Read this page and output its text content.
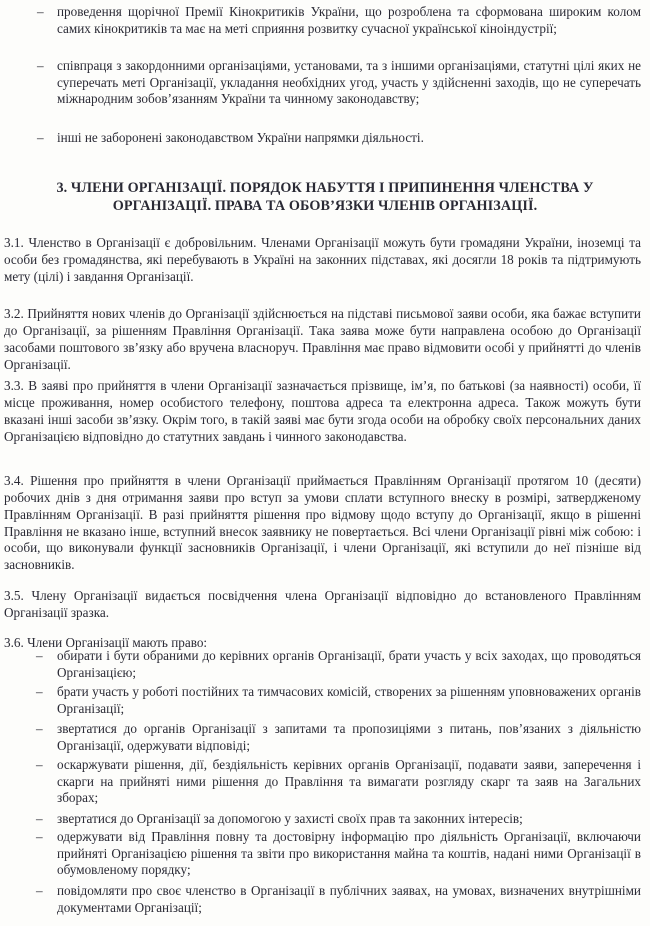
–	проведення щорічної Премії Кінокритиків України, що розроблена та сформована широким колом самих кінокритиків та має на меті сприяння розвитку сучасної української кіноіндустрії;
–	співпраця з закордонними організаціями, установами, та з іншими організаціями, статутні цілі яких не суперечать меті Організації, укладання необхідних угод, участь у здійсненні заходів, що не суперечать міжнародним зобов’язанням України та чинному законодавству;
–	інші не заборонені законодавством України напрямки діяльності.
3. ЧЛЕНИ ОРГАНІЗАЦІЇ. ПОРЯДОК НАБУТТЯ І ПРИПИНЕННЯ ЧЛЕНСТВА У ОРГАНІЗАЦІЇ. ПРАВА ТА ОБОВ’ЯЗКИ ЧЛЕНІВ ОРГАНІЗАЦІЇ.

3.1. Членство в Організації є добровільним. Членами Організації можуть бути громадяни України, іноземці та особи без громадянства, які перебувають в Україні на законних підставах, які досягли 18 років та підтримують мету (цілі) і завдання Організації.

3.2. Прийняття нових членів до Організації здійснюється на підставі письмової заяви особи, яка бажає вступити до Організації, за рішенням Правління Організації. Така заява може бути направлена особою до Організації засобами поштового зв’язку або вручена власноруч. Правління має право відмовити особі у прийнятті до членів Організації.

3.3. В заяві про прийняття в члени Організації зазначається прізвище, ім’я, по батькові (за наявності) особи, її місце проживання, номер особистого телефону, поштова адреса та електронна адреса. Також можуть бути вказані інші засоби зв’язку. Окрім того, в такій заяві має бути згода особи на обробку своїх персональних даних Організацією відповідно до статутних завдань і чинного законодавства.

3.4. Рішення про прийняття в члени Організації приймається Правлінням Організації протягом 10 (десяти) робочих днів з дня отримання заяви про вступ за умови сплати вступного внеску в розмірі, затвердженому Правлінням Організації. В разі прийняття рішення про відмову щодо вступу до Організації, якщо в рішенні Правління не вказано інше, вступний внесок заявнику не повертається. Всі члени Організації рівні між собою: і особи, що виконували функції засновників Організації, і члени Організації, які вступили до неї пізніше від засновників.

3.5. Члену Організації видається посвідчення члена Організації відповідно до встановленого Правлінням Організації зразка.

3.6. Члени Організації мають право:

–	обирати і бути обраними до керівних органів Організації, брати участь у всіх заходах, що проводяться Організацією;
–	брати участь у роботі постійних та тимчасових комісій, створених за рішенням уповноважених органів Організації;
–	звертатися до органів Організації з запитами та пропозиціями з питань, пов’язаних з діяльністю Організації, одержувати відповіді;
–	оскаржувати рішення, дії, бездіяльність керівних органів Організації, подавати заяви, заперечення і скарги на прийняті ними рішення до Правління та вимагати розгляду скарг та заяв на Загальних зборах;
–	звертатися до Організації за допомогою у захисті своїх прав та законних інтересів;
–	одержувати від Правління повну та достовірну інформацію про діяльність Організації, включаючи прийняті Організацією рішення та звіти про використання майна та коштів, надані ними Організації в обумовленому порядку;
–	повідомляти про своє членство в Організації в публічних заявах, на умовах, визначених внутрішніми документами Організації;
